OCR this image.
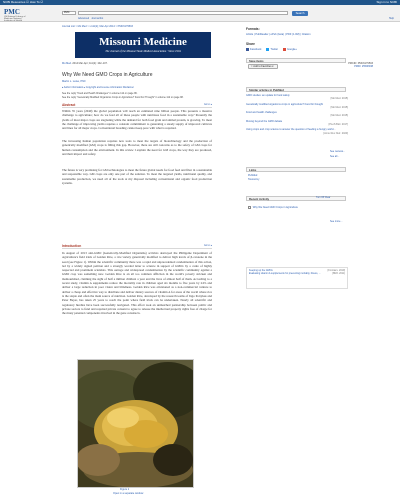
NCBI Resources ☑ How To ☑	Sign in to NCBI
PMC
US National Library of Medicine National Institutes of Health
PMC	Search
Advanced Journal list	Help
Journal List > Mo Med > v.111(2); Mar-Apr 2014 > PMC6179503
Missouri Medicine
The Journal of the Missouri State Medical Association · Since 1904
Mo Med. 2014 Mar-Apr; 111(2): 102–107.	PMCID: PMC6179503
PMID: 25508038
Why We Need GMO Crops in Agriculture
Martin L. Leise, PhD
▸ Author information ▸ Copyright and License information Disclaimer

See the reply "Food and Health Challenges" in volume 112 on page 96.

See the reply "Genetically Modified Organisms Crops in Agriculture? Food For Thought" in volume 112 on page 98.

Abstract	Go to: ▸
Within 35 years (2049) the global population will reach an estimated nine billion people. This presents a massive challenge to agriculture; how do we feed all of these people with nutritious food in a sustainable way? Presently the yields of most major crops are stagnating while the demand for both food grain and animal protein, is growing. To meet the challenge of improving yields requires a constant commitment to generating a steady supply of improved cultivars and lines for all major crops. Conventional breeding cannot keep pace with what is required.
The increasing human population requires new tools to meet the targets of biotechnology and the production of genetically modified (GM) crops is filling this gap. However, there are still concerns as to the safety of GM crops for human consumption and the environment. In this review I explain the need for GM crops, the way they are produced, and their impact and safety.
The future is very promising for GM technologies to meet the future global needs for food feed and fiber in a sustainable and responsible way. GM crops are only one part of the solution. To meet the targeted yields, nutritional quality, and sustainable production, we need all of the tools at my disposal including conventional and organic food production systems.
Introduction	Go to: ▸
In August of 2013 anti-GMO (Genetically-Modified Organisms) activists destroyed the Philippine Department of Agriculture's field trials of Golden Rice, a rice variety genetically modified to deliver high levels of β-carotene in the seed (see Figure 1). Within the scientific community there was a rapid and unprecedented condemnation of this action, led by a widely signed petition and a strongly worded letter to science in support of GMOs by a cadre of highly respected and prominent scientists. This outrage and widespread condemnation by the scientific community against a GMO crop was something new. Golden Rice is an all too common affliction in the world's poverty stricken and malnourished, claiming the sight of half a million children a year and the lives of almost half of them. According to a recent study, vitamin A supplements reduce the mortality rate in children aged six months to five years by 24% and deliver a large reduction in poor vision and blindness. Golden Rice was envisioned as a non-commercial venture to deliver a cheap and effective way to distribute and deliver dietary sources of vitamin A for areas of the world where rice is the staple and often the main source of nutrition. Golden Rice, developed by the research teams of Ingo Potrykus and Peter Beyer, has taken 25 years to reach the point where field trials can be undertaken. Nearly all scientific and regulatory hurdles have been successfully navigated. This effort took an unmatched partnership between public and private sectors to fund and required private consent to agree to release the intellectual property rights free of charge for the many patented components involved in the gene constructs.
Figure 1
Open in a separate window
Formats:
Article | PubReader | ePub (beta) | PDF (1.0M) | Citation
Share
Facebook	Twitter	Google+
Save items
☆ Add to Favorites ▾
Similar articles in PubMed
GMO studies: an update for food safety
[Mo Med. 2015]
Genetically modified organisms crops in agriculture? Food for thought
[Mo Med. 2015]
Food and health challenges
[Mo Med. 2015]
Moving beyond the GMO debate
[PLoS Biol. 2017]
Using crops and crop science to answer the question of feeding a hungry world...
[Annu Rev Nutr. 2020]
See reviews...
See all...
Links
PubMed
Taxonomy
Recent Activity	Turn Off Clear
Why We Need GMO Crops in Agriculture
See more...
Keeping up the GMOs	[Frontiers. 2019]
Evaluating vitamin A supplements for preventing mortality, illness, ...	[BMJ. 2011]
